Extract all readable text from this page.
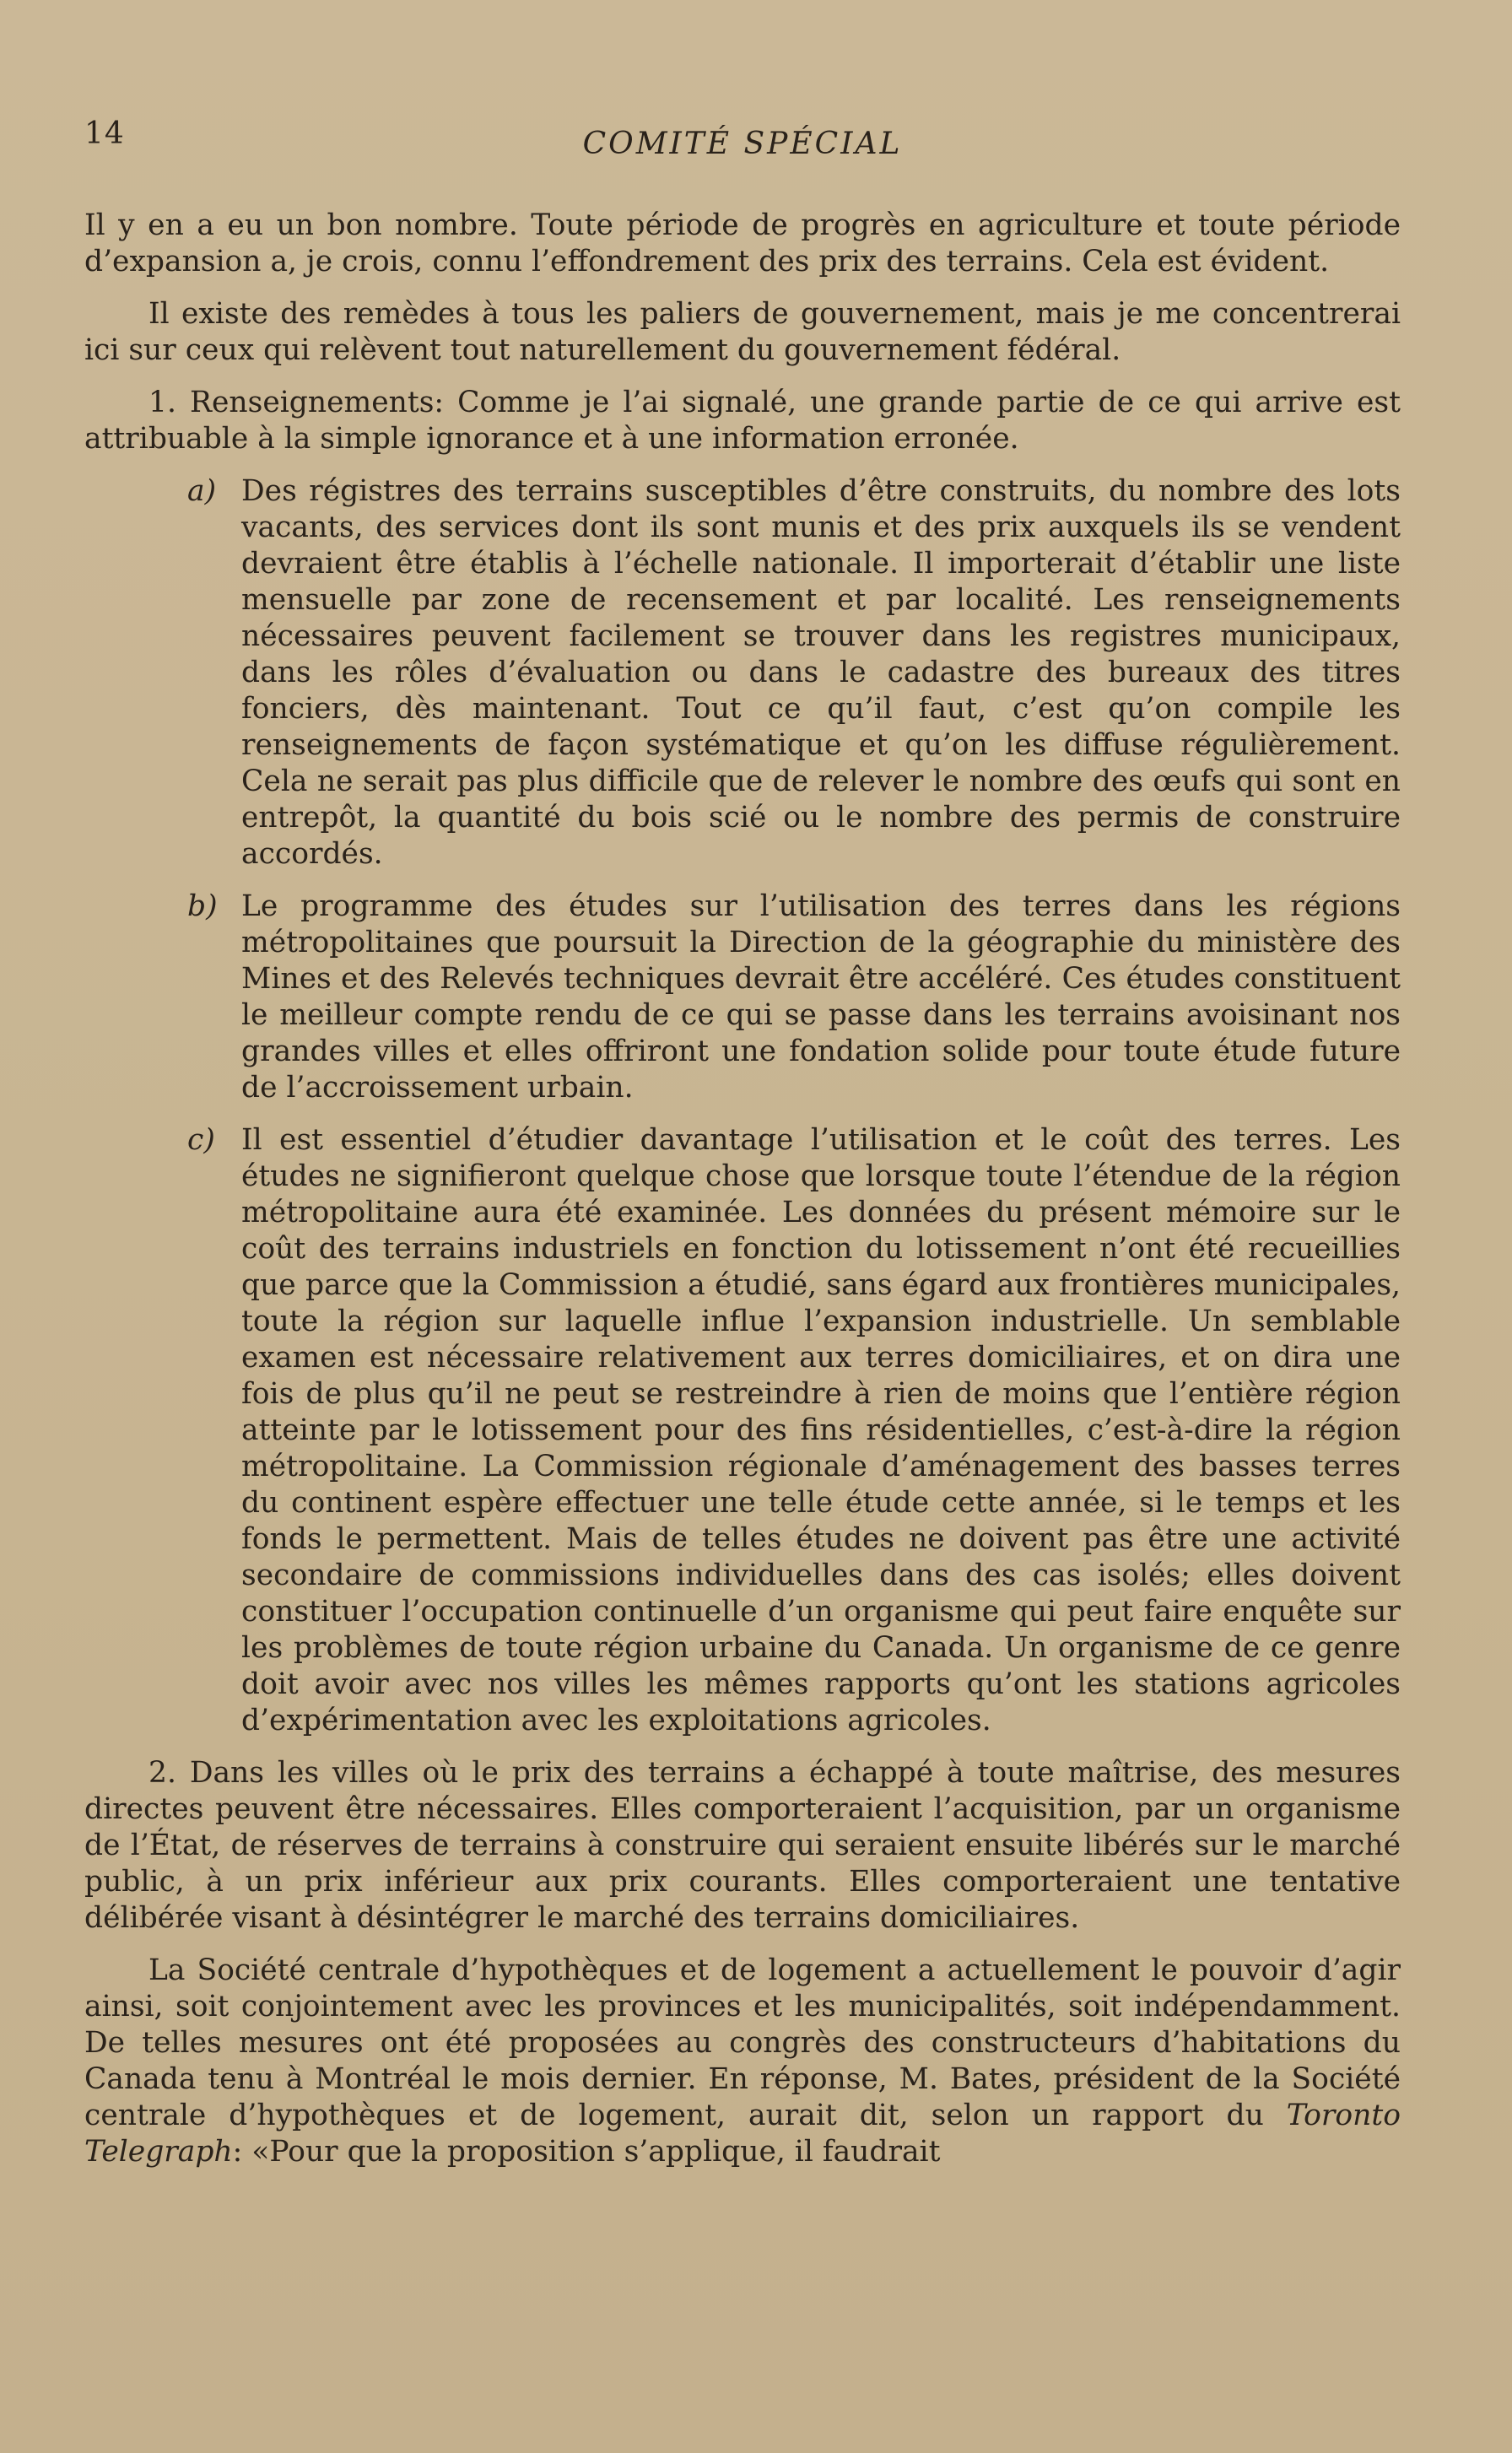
14	COMITÉ SPÉCIAL

Il y en a eu un bon nombre. Toute période de progrès en agriculture et toute période d’expansion a, je crois, connu l’effondrement des prix des terrains. Cela est évident.

Il existe des remèdes à tous les paliers de gouvernement, mais je me concentrerai ici sur ceux qui relèvent tout naturellement du gouvernement fédéral.

1. Renseignements: Comme je l’ai signalé, une grande partie de ce qui arrive est attribuable à la simple ignorance et à une information erronée.

a) Des régistres des terrains susceptibles d’être construits, du nombre des lots vacants, des services dont ils sont munis et des prix auxquels ils se vendent devraient être établis à l’échelle nationale. Il importerait d’établir une liste mensuelle par zone de recensement et par localité. Les renseignements nécessaires peuvent facilement se trouver dans les registres municipaux, dans les rôles d’évaluation ou dans le cadastre des bureaux des titres fonciers, dès maintenant. Tout ce qu’il faut, c’est qu’on compile les renseignements de façon systématique et qu’on les diffuse régulièrement. Cela ne serait pas plus difficile que de relever le nombre des œufs qui sont en entrepôt, la quantité du bois scié ou le nombre des permis de construire accordés.
b) Le programme des études sur l’utilisation des terres dans les régions métropolitaines que poursuit la Direction de la géographie du ministère des Mines et des Relevés techniques devrait être accéléré. Ces études constituent le meilleur compte rendu de ce qui se passe dans les terrains avoisinant nos grandes villes et elles offriront une fondation solide pour toute étude future de l’accroissement urbain.
c) Il est essentiel d’étudier davantage l’utilisation et le coût des terres. Les études ne signifieront quelque chose que lorsque toute l’étendue de la région métropolitaine aura été examinée. Les données du présent mémoire sur le coût des terrains industriels en fonction du lotissement n’ont été recueillies que parce que la Commission a étudié, sans égard aux frontières municipales, toute la région sur laquelle influe l’expansion industrielle. Un semblable examen est nécessaire relativement aux terres domiciliaires, et on dira une fois de plus qu’il ne peut se restreindre à rien de moins que l’entière région atteinte par le lotissement pour des fins résidentielles, c’est-à-dire la région métropolitaine. La Commission régionale d’aménagement des basses terres du continent espère effectuer une telle étude cette année, si le temps et les fonds le permettent. Mais de telles études ne doivent pas être une activité secondaire de commissions individuelles dans des cas isolés; elles doivent constituer l’occupation continuelle d’un organisme qui peut faire enquête sur les problèmes de toute région urbaine du Canada. Un organisme de ce genre doit avoir avec nos villes les mêmes rapports qu’ont les stations agricoles d’expérimentation avec les exploitations agricoles.

2. Dans les villes où le prix des terrains a échappé à toute maîtrise, des mesures directes peuvent être nécessaires. Elles comporteraient l’acquisition, par un organisme de l’État, de réserves de terrains à construire qui seraient ensuite libérés sur le marché public, à un prix inférieur aux prix courants. Elles comporteraient une tentative délibérée visant à désintégrer le marché des terrains domiciliaires.

La Société centrale d’hypothèques et de logement a actuellement le pouvoir d’agir ainsi, soit conjointement avec les provinces et les municipalités, soit indépendamment. De telles mesures ont été proposées au congrès des constructeurs d’habitations du Canada tenu à Montréal le mois dernier. En réponse, M. Bates, président de la Société centrale d’hypothèques et de logement, aurait dit, selon un rapport du Toronto Telegraph: «Pour que la proposition s’applique, il faudrait
